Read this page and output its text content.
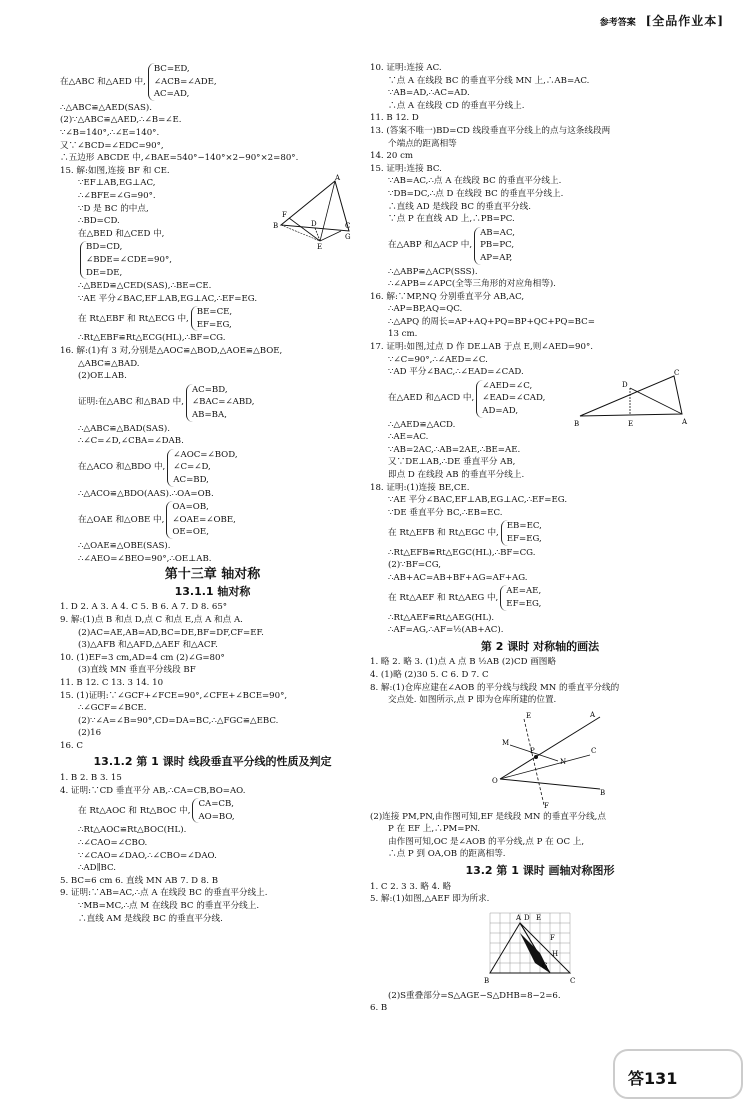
参考答案 [全品作业本]
在△ABC 和△AED 中,
BC=ED,
∠ACB=∠ADE,
AC=AD,
∴△ABC≌△AED(SAS).
(2)∵△ABC≌△AED,∴∠B=∠E.
∵∠B=140°,∴∠E=140°.
又∵∠BCD=∠EDC=90°,
∴五边形 ABCDE 中,∠BAE=540°−140°×2−90°×2=80°.
15. 解:如图,连接 BF 和 CE.
∵EF⊥AB,EG⊥AC,
∴∠BFE=∠G=90°.
∵D 是 BC 的中点,
∴BD=CD.
在△BED 和△CED 中,
A
F
B	D	C
G
E
BD=CD,
∠BDE=∠CDE=90°,
DE=DE,
∴△BED≌△CED(SAS),∴BE=CE.
∵AE 平分∠BAC,EF⊥AB,EG⊥AC,∴EF=EG.
在 Rt△EBF 和 Rt△ECG 中,
BE=CE,
EF=EG,
∴Rt△EBF≌Rt△ECG(HL),∴BF=CG.
16. 解:(1)有 3 对,分别是△AOC≌△BOD,△AOE≌△BOE,
△ABC≌△BAD.
(2)OE⊥AB.
证明:在△ABC 和△BAD 中,
AC=BD,
∠BAC=∠ABD,
AB=BA,
∴△ABC≌△BAD(SAS).
∴∠C=∠D,∠CBA=∠DAB.
在△ACO 和△BDO 中,
∠AOC=∠BOD,
∠C=∠D,
AC=BD,
∴△ACO≌△BDO(AAS).∴OA=OB.
在△OAE 和△OBE 中,
OA=OB,
∠OAE=∠OBE,
OE=OE,
∴△OAE≌△OBE(SAS).
∴∠AEO=∠BEO=90°,∴OE⊥AB.
第十三章 轴对称
13.1.1 轴对称
1. D 2. A 3. A 4. C 5. B 6. A 7. D 8. 65°
9. 解:(1)点 B 和点 D,点 C 和点 E,点 A 和点 A.
(2)AC=AE,AB=AD,BC=DE,BF=DF,CF=EF.
(3)△AFB 和△AFD,△AEF 和△ACF.
10. (1)EF=3 cm,AD=4 cm (2)∠G=80°
(3)直线 MN 垂直平分线段 BF
11. B 12. C 13. 3 14. 10
15. (1)证明:∵∠GCF+∠FCE=90°,∠CFE+∠BCE=90°,
∴∠GCF=∠BCE.
(2)∵∠A=∠B=90°,CD=DA=BC,∴△FGC≌△EBC.
(2)16
16. C
13.1.2 第 1 课时 线段垂直平分线的性质及判定
1. B 2. B 3. 15
4. 证明:∵CD 垂直平分 AB,∴CA=CB,BO=AO.
在 Rt△AOC 和 Rt△BOC 中,
CA=CB,
AO=BO,
∴Rt△AOC≌Rt△BOC(HL).
∴∠CAO=∠CBO.
∵∠CAO=∠DAO,∴∠CBO=∠DAO.
∴AD∥BC.
5. BC=6 cm 6. 直线 MN AB 7. D 8. B
9. 证明:∵AB=AC,∴点 A 在线段 BC 的垂直平分线上.
∵MB=MC,∴点 M 在线段 BC 的垂直平分线上.
∴直线 AM 是线段 BC 的垂直平分线.
10. 证明:连接 AC.
∵点 A 在线段 BC 的垂直平分线 MN 上,∴AB=AC.
∵AB=AD,∴AC=AD.
∴点 A 在线段 CD 的垂直平分线上.
11. B 12. D
13. (答案不唯一)BD=CD 线段垂直平分线上的点与这条线段两
个端点的距离相等
14. 20 cm
15. 证明:连接 BC.
∵AB=AC,∴点 A 在线段 BC 的垂直平分线上.
∵DB=DC,∴点 D 在线段 BC 的垂直平分线上.
∴直线 AD 是线段 BC 的垂直平分线.
∵点 P 在直线 AD 上,∴PB=PC.
在△ABP 和△ACP 中,
AB=AC,
PB=PC,
AP=AP,
∴△ABP≌△ACP(SSS).
∴∠APB=∠APC(全等三角形的对应角相等).
16. 解:∵MP,NQ 分别垂直平分 AB,AC,
∴AP=BP,AQ=QC.
∴△APQ 的周长=AP+AQ+PQ=BP+QC+PQ=BC=
13 cm.
17. 证明:如图,过点 D 作 DE⊥AB 于点 E,则∠AED=90°.
∵∠C=90°,∴∠AED=∠C.
∵AD 平分∠BAC,∴∠EAD=∠CAD.
在△AED 和△ACD 中,
∠AED=∠C,
∠EAD=∠CAD,
AD=AD,
∴△AED≌△ACD.
∴AE=AC.
∵AB=2AC,∴AB=2AE,∴BE=AE.
C
D
B	E	A
又∵DE⊥AB,∴DE 垂直平分 AB,
即点 D 在线段 AB 的垂直平分线上.
18. 证明:(1)连接 BE,CE.
∵AE 平分∠BAC,EF⊥AB,EG⊥AC,∴EF=EG.
∵DE 垂直平分 BC,∴EB=EC.
在 Rt△EFB 和 Rt△EGC 中,
EB=EC,
EF=EG,
∴Rt△EFB≌Rt△EGC(HL),∴BF=CG.
(2)∵BF=CG,
∴AB+AC=AB+BF+AG=AF+AG.
在 Rt△AEF 和 Rt△AEG 中,
AE=AE,
EF=EG,
∴Rt△AEF≌Rt△AEG(HL).
∴AF=AG,∴AF=½(AB+AC).
第 2 课时 对称轴的画法
1. 略 2. 略 3. (1)点 A 点 B ½AB (2)CD 画图略
4. (1)略 (2)30 5. C 6. D 7. C
8. 解:(1)仓库应建在∠AOB 的平分线与线段 MN 的垂直平分线的
交点处. 如图所示,点 P 即为仓库所建的位置.
A
E
M
P
O
C
N
F
B
(2)连接 PM,PN,由作图可知,EF 是线段 MN 的垂直平分线,点
P 在 EF 上,∴PM=PN.
由作图可知,OC 是∠AOB 的平分线,点 P 在 OC 上,
∴点 P 到 OA,OB 的距离相等.
13.2 第 1 课时 画轴对称图形
1. C 2. 3 3. 略 4. 略
5. 解:(1)如图,△AEF 即为所求.
A D E
F
H
G
B	C
(2)S重叠部分=S△AGE−S△DHB=8−2=6.
6. B
答131
